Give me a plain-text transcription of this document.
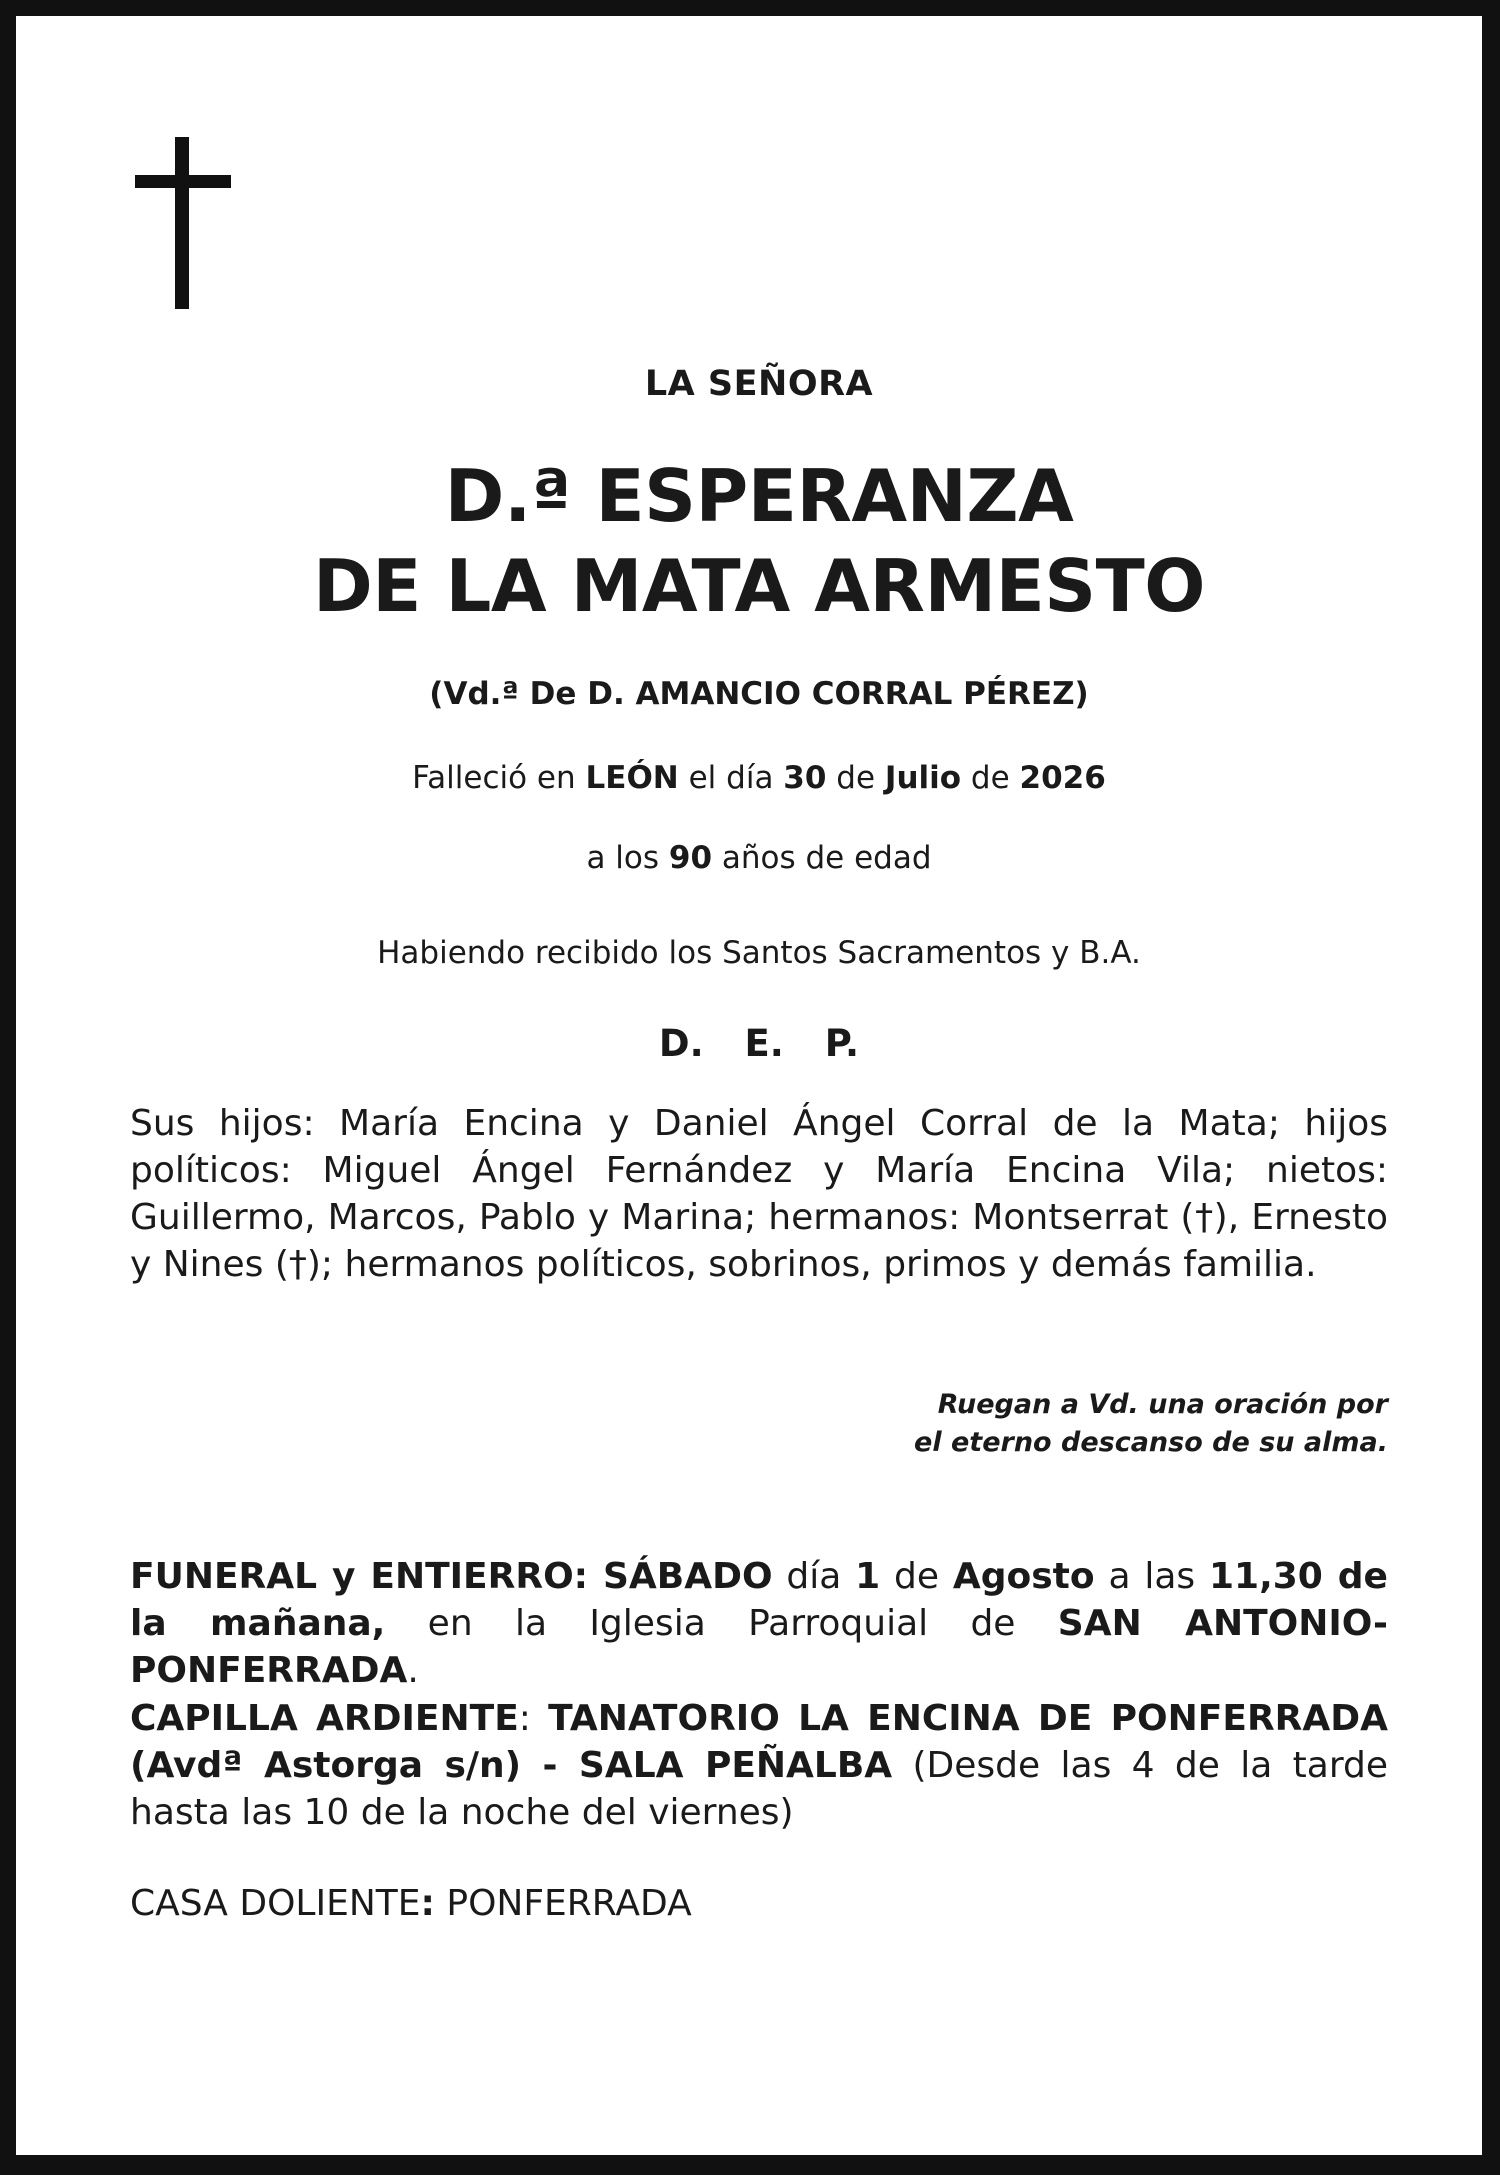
LA SEÑORA
D.ª ESPERANZA
DE LA MATA ARMESTO
(Vd.ª De D. AMANCIO CORRAL PÉREZ)
Falleció en LEÓN el día 30 de Julio de 2026
a los 90 años de edad
Habiendo recibido los Santos Sacramentos y B.A.
D. E. P.
Sus hijos: María Encina y Daniel Ángel Corral de la Mata; hijos políticos: Miguel Ángel Fernández y María Encina Vila; nietos: Guillermo, Marcos, Pablo y Marina; hermanos: Montserrat (†), Ernesto y Nines (†); hermanos políticos, sobrinos, primos y demás familia.
Ruegan a Vd. una oración por
el eterno descanso de su alma.
FUNERAL y ENTIERRO: SÁBADO día 1 de Agosto a las 11,30 de la mañana, en la Iglesia Parroquial de SAN ANTONIO- PONFERRADA.
CAPILLA ARDIENTE: TANATORIO LA ENCINA DE PONFERRADA (Avdª Astorga s/n) - SALA PEÑALBA (Desde las 4 de la tarde hasta las 10 de la noche del viernes)
CASA DOLIENTE: PONFERRADA
